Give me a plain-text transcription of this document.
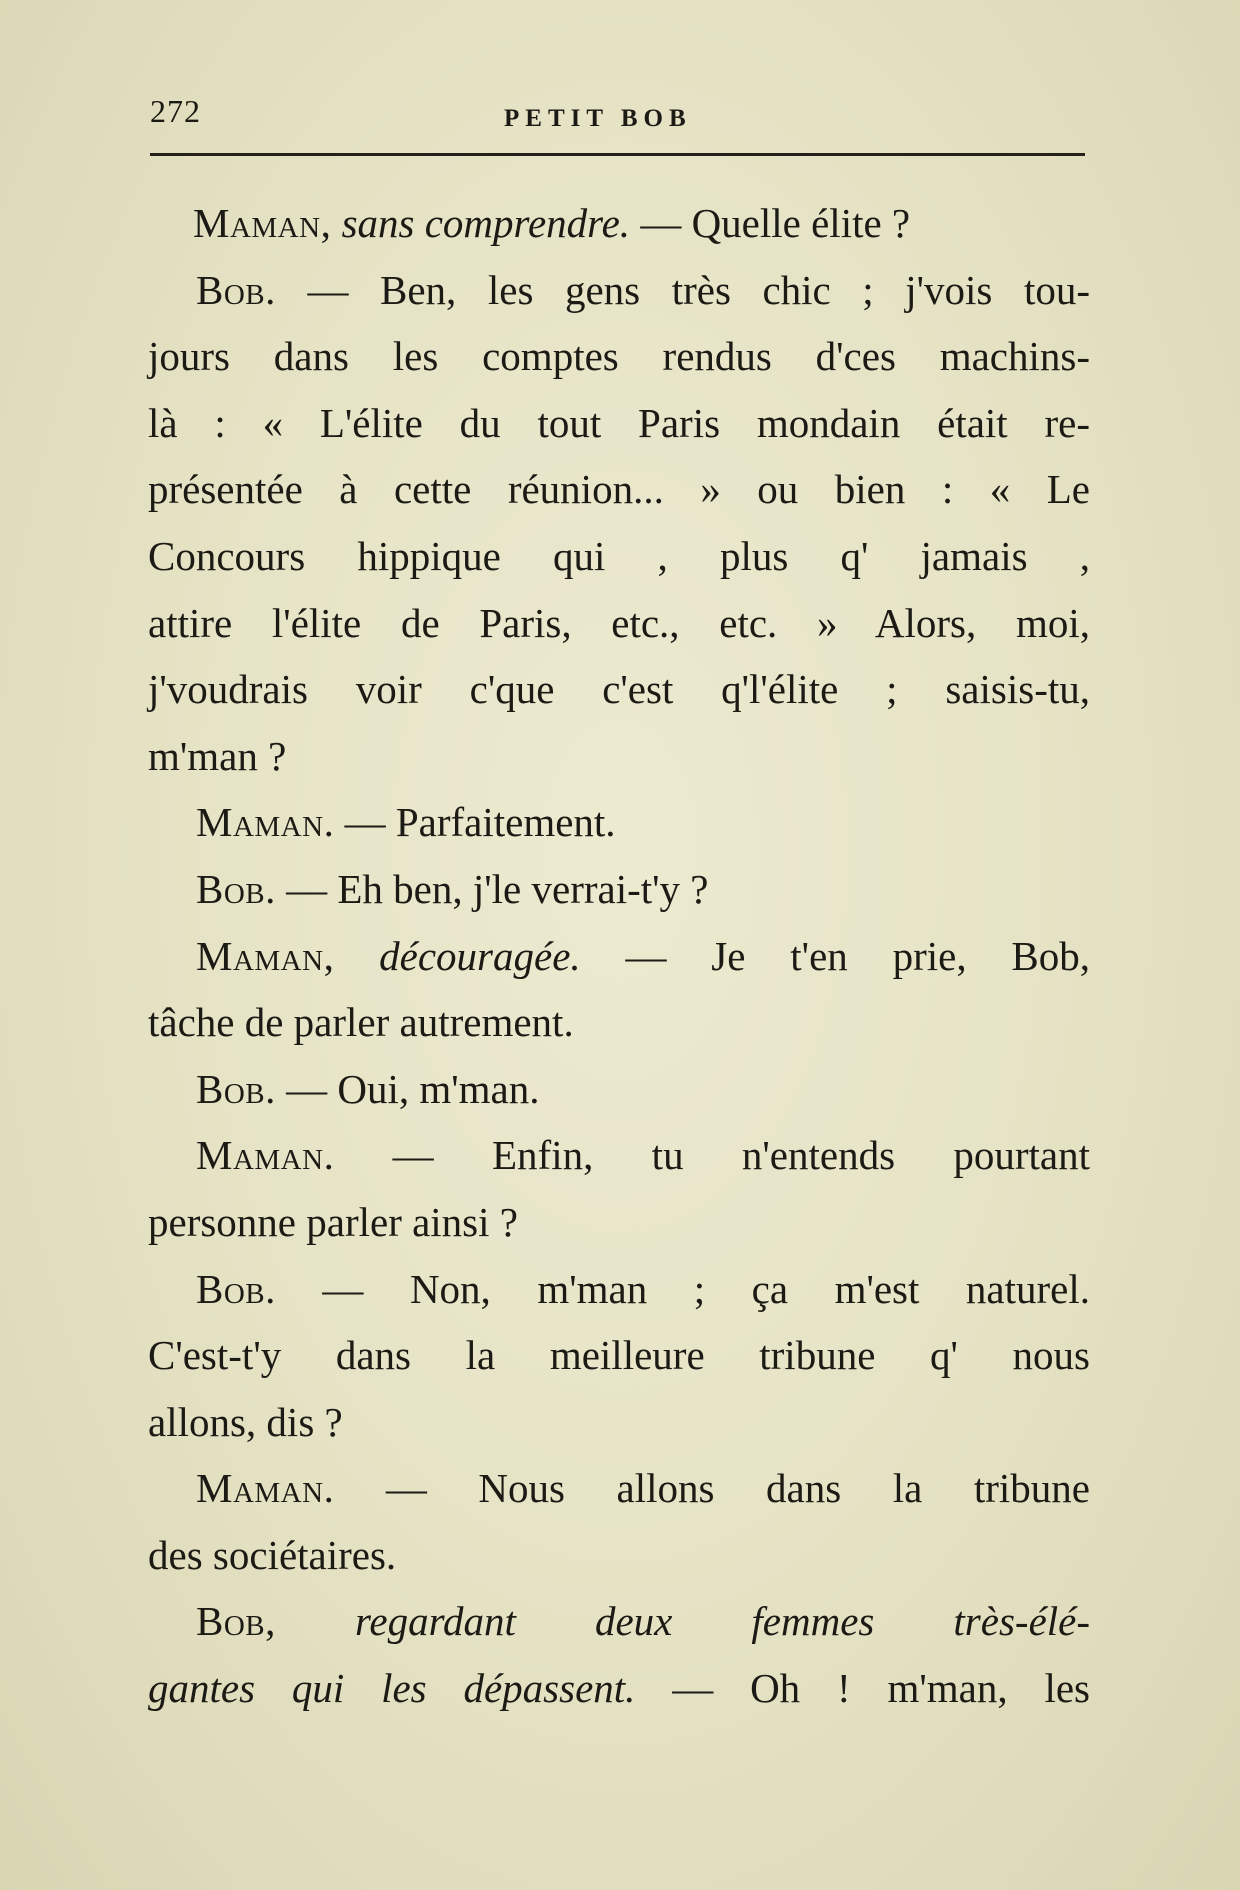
272	PETIT BOB
Maman, sans comprendre. — Quelle élite ?
Bob. — Ben, les gens très chic ; j'vois tou-
jours dans les comptes rendus d'ces machins-
là : « L'élite du tout Paris mondain était re-
présentée à cette réunion... » ou bien : « Le
Concours hippique qui , plus q' jamais ,
attire l'élite de Paris, etc., etc. » Alors, moi,
j'voudrais voir c'que c'est q'l'élite ; saisis-tu,
m'man ?
Maman. — Parfaitement.
Bob. — Eh ben, j'le verrai-t'y ?
Maman, découragée. — Je t'en prie, Bob,
tâche de parler autrement.
Bob. — Oui, m'man.
Maman. — Enfin, tu n'entends pourtant
personne parler ainsi ?
Bob. — Non, m'man ; ça m'est naturel.
C'est-t'y dans la meilleure tribune q' nous
allons, dis ?
Maman. — Nous allons dans la tribune
des sociétaires.
Bob, regardant deux femmes très-élé-
gantes qui les dépassent. — Oh ! m'man, les
